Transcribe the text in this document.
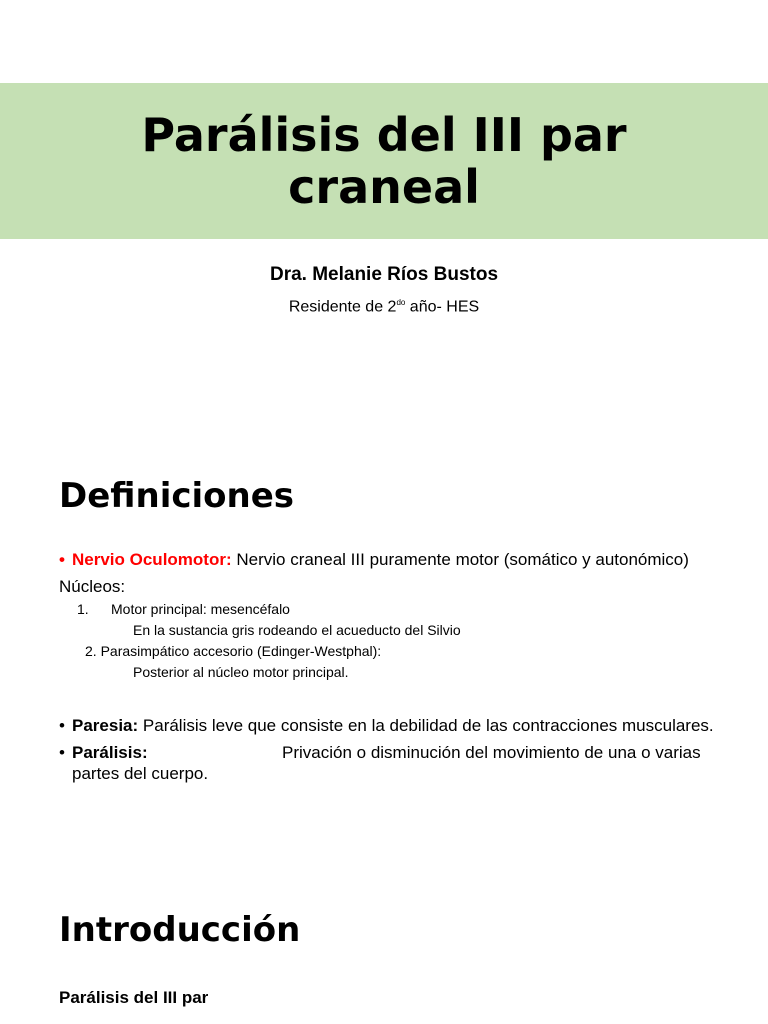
Parálisis del III par craneal
Dra. Melanie Ríos Bustos
Residente de $2^{do}$ año- HES
Definiciones

• Nervio Oculomotor: Nervio craneal III puramente motor (somático y autonómico)

Núcleos:

1. Motor principal: mesencéfalo

En la sustancia gris rodeando el acueducto del Silvio

2. Parasimpático accesorio (Edinger-Westphal):

Posterior al núcleo motor principal.

• Paresia: Parálisis leve que consiste en la debilidad de las contracciones musculares.

• Parálisis:	Privación o disminución del movimiento de una o varias

partes del cuerpo.

Introducción

Parálisis del III par
